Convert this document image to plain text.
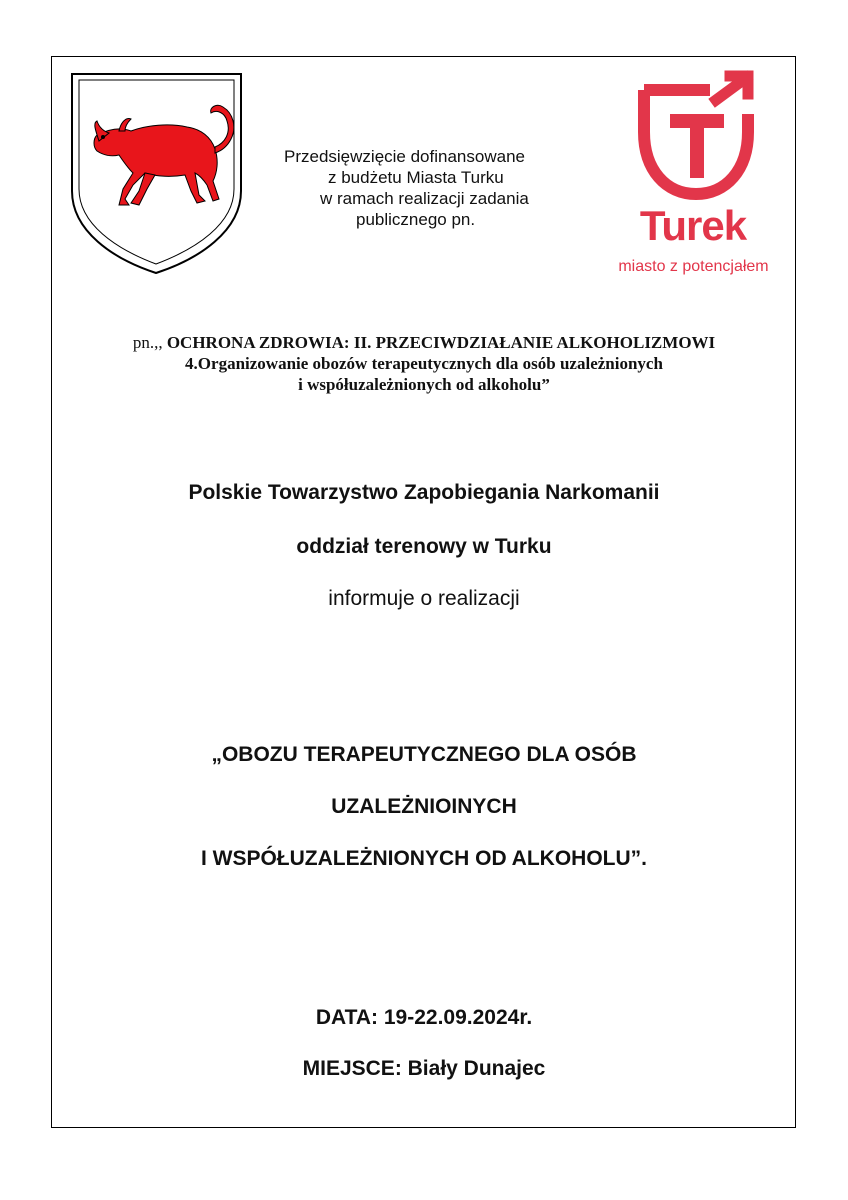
Przedsięwzięcie dofinansowane
z budżetu Miasta Turku
w ramach realizacji zadania
publicznego pn.	Turek
miasto z potencjałem
pn.,, OCHRONA ZDROWIA: II. PRZECIWDZIAŁANIE ALKOHOLIZMOWI
4.Organizowanie obozów terapeutycznych dla osób uzależnionych
i współuzależnionych od alkoholu”
Polskie Towarzystwo Zapobiegania Narkomanii
oddział terenowy w Turku
informuje o realizacji
„OBOZU TERAPEUTYCZNEGO DLA OSÓB
UZALEŻNIOINYCH
I WSPÓŁUZALEŻNIONYCH OD ALKOHOLU”.
DATA: 19-22.09.2024r.
MIEJSCE: Biały Dunajec
